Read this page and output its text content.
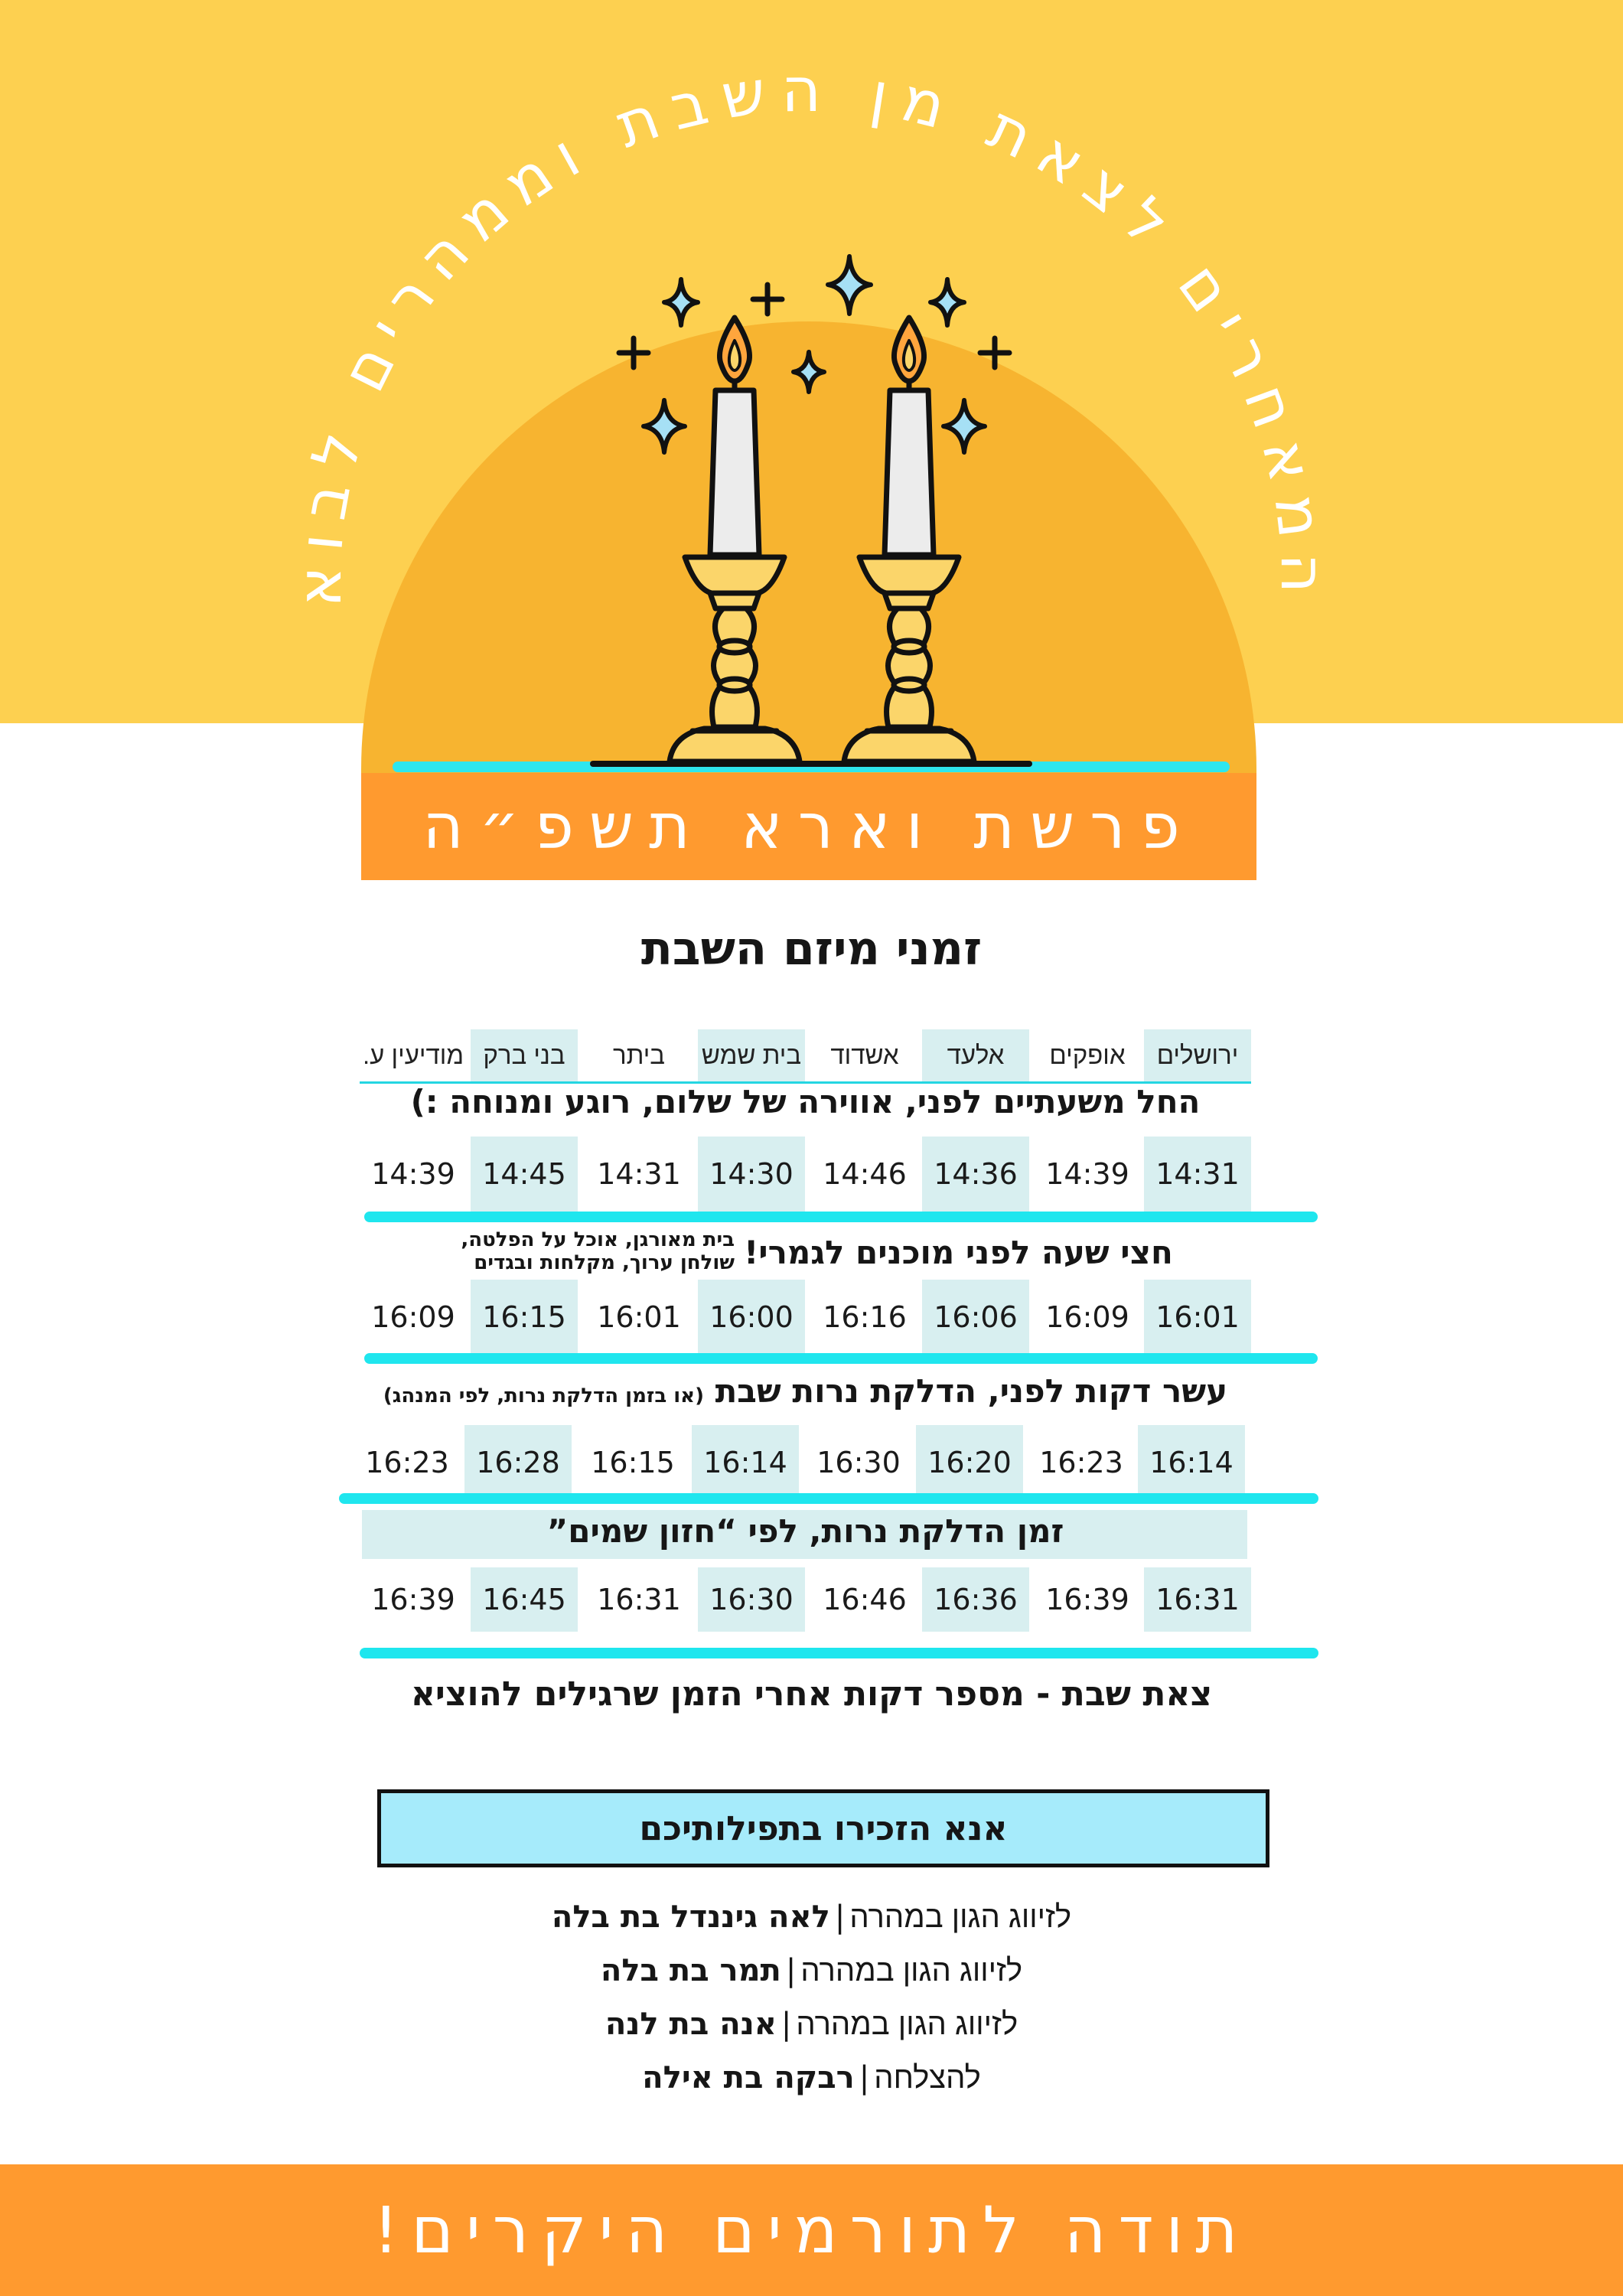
המאחרים לצאת מן השבת וממהרים לבוא
פרשת וארא תשפ״ה
זמני מיזם השבת
ירושלים
אופקים
אלעד
אשדוד
בית שמש
ביתר
בני ברק
מודיעין ע.
החל משעתיים לפני, אווירה של שלום, רוגע ומנוחה :)
14:31
14:39
14:36
14:46
14:30
14:31
14:45
14:39
חצי שעה לפני מוכנים לגמרי!
בית מאורגן, אוכל על הפלטה,
שולחן ערוך, מקלחות ובגדים
16:01
16:09
16:06
16:16
16:00
16:01
16:15
16:09
עשר דקות לפני, הדלקת נרות שבת (או בזמן הדלקת נרות, לפי המנהג)
16:14
16:23
16:20
16:30
16:14
16:15
16:28
16:23
זמן הדלקת נרות, לפי “חזון שמים”
16:31
16:39
16:36
16:46
16:30
16:31
16:45
16:39
צאת שבת - מספר דקות אחרי הזמן שרגילים להוציא
אנא הזכירו בתפילותיכם
לזיווג הגון במהרה|לאה גיננדל בת בלה
לזיווג הגון במהרה|תמר בת בלה
לזיווג הגון במהרה|אנה בת לנה
להצלחה|רבקה בת אילה
תודה לתורמים היקרים!
